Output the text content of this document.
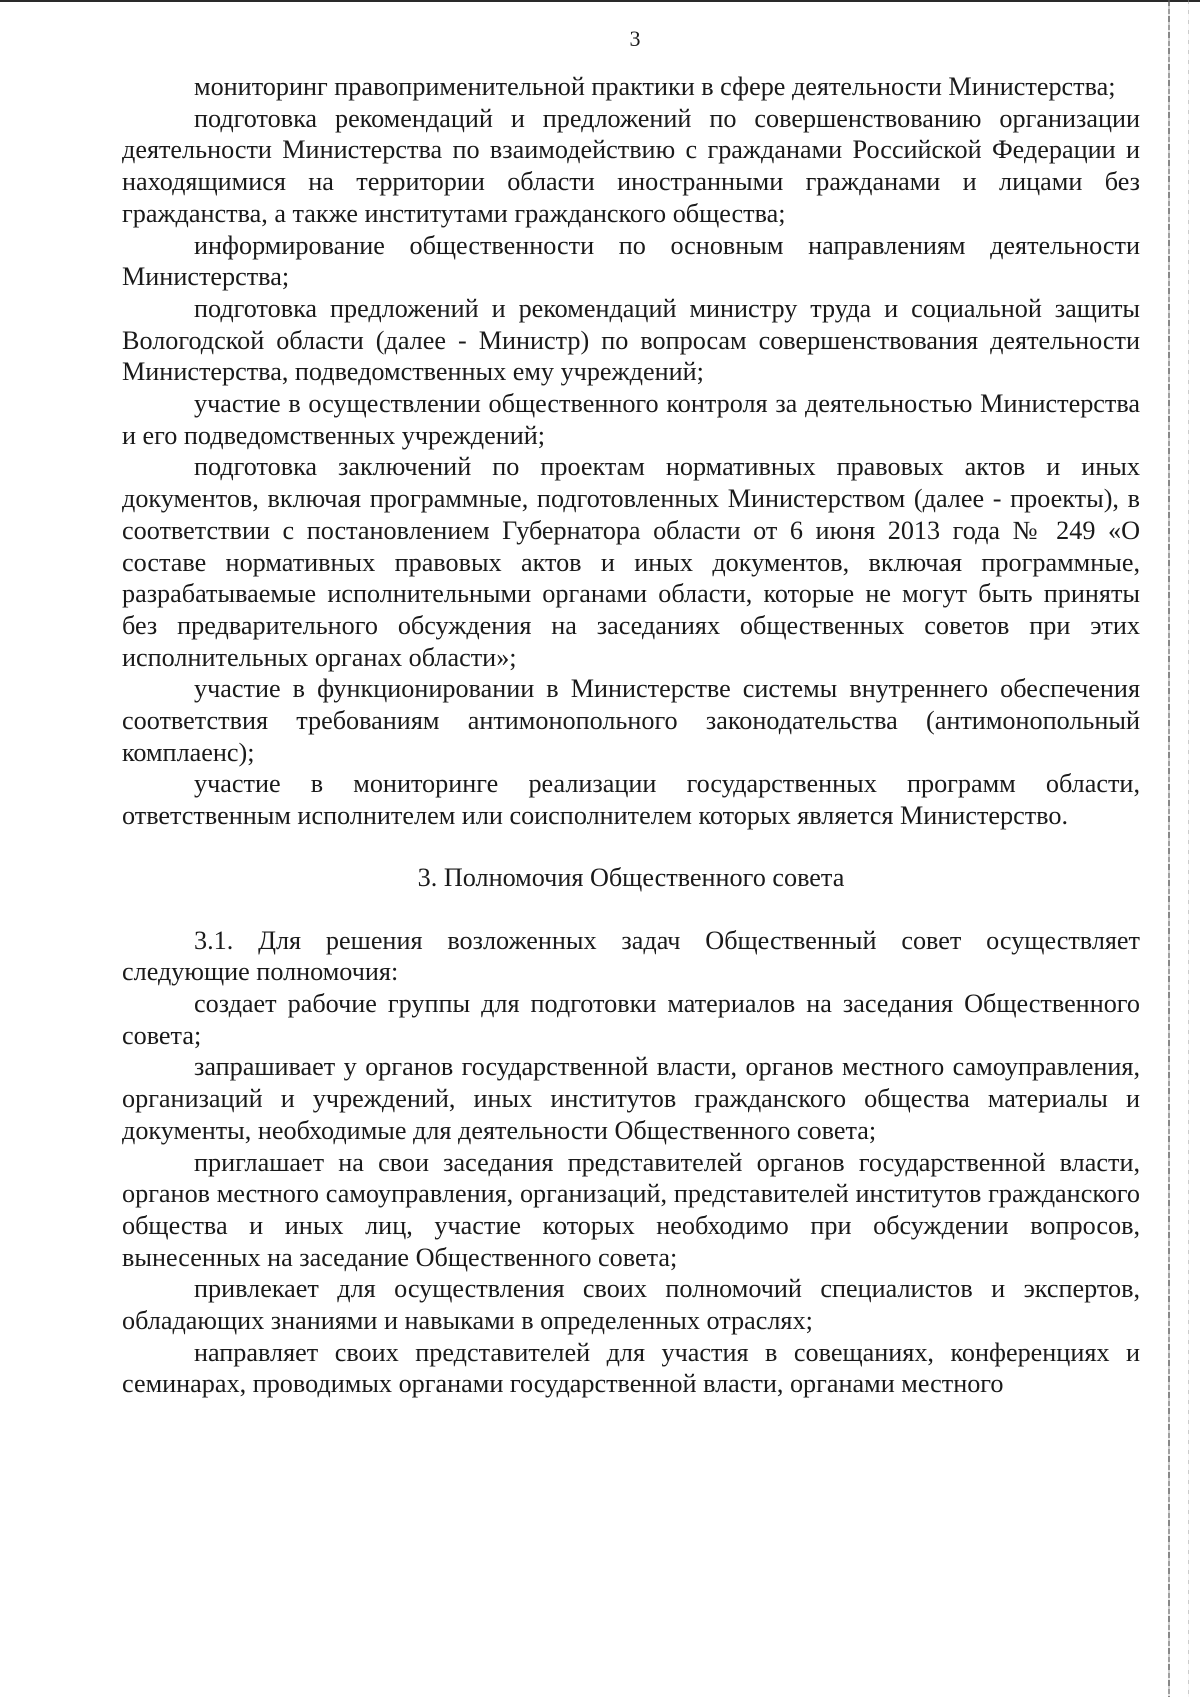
3

мониторинг правоприменительной практики в сфере деятельности Министерства;

подготовка рекомендаций и предложений по совершенствованию организации деятельности Министерства по взаимодействию с гражданами Российской Федерации и находящимися на территории области иностранными гражданами и лицами без гражданства, а также институтами гражданского общества;

информирование общественности по основным направлениям деятельности Министерства;

подготовка предложений и рекомендаций министру труда и социальной защиты Вологодской области (далее - Министр) по вопросам совершенствования деятельности Министерства, подведомственных ему учреждений;

участие в осуществлении общественного контроля за деятельностью Министерства и его подведомственных учреждений;

подготовка заключений по проектам нормативных правовых актов и иных документов, включая программные, подготовленных Министерством (далее - проекты), в соответствии с постановлением Губернатора области от 6 июня 2013 года № 249 «О составе нормативных правовых актов и иных документов, включая программные, разрабатываемые исполнительными органами области, которые не могут быть приняты без предварительного обсуждения на заседаниях общественных советов при этих исполнительных органах области»;

участие в функционировании в Министерстве системы внутреннего обеспечения соответствия требованиям антимонопольного законодательства (антимонопольный комплаенс);

участие в мониторинге реализации государственных программ области, ответственным исполнителем или соисполнителем которых является Министерство.

3. Полномочия Общественного совета

3.1. Для решения возложенных задач Общественный совет осуществляет следующие полномочия:

создает рабочие группы для подготовки материалов на заседания Общественного совета;

запрашивает у органов государственной власти, органов местного самоуправления, организаций и учреждений, иных институтов гражданского общества материалы и документы, необходимые для деятельности Общественного совета;

приглашает на свои заседания представителей органов государственной власти, органов местного самоуправления, организаций, представителей институтов гражданского общества и иных лиц, участие которых необходимо при обсуждении вопросов, вынесенных на заседание Общественного совета;

привлекает для осуществления своих полномочий специалистов и экспертов, обладающих знаниями и навыками в определенных отраслях;

направляет своих представителей для участия в совещаниях, конференциях и семинарах, проводимых органами государственной власти, органами местного
